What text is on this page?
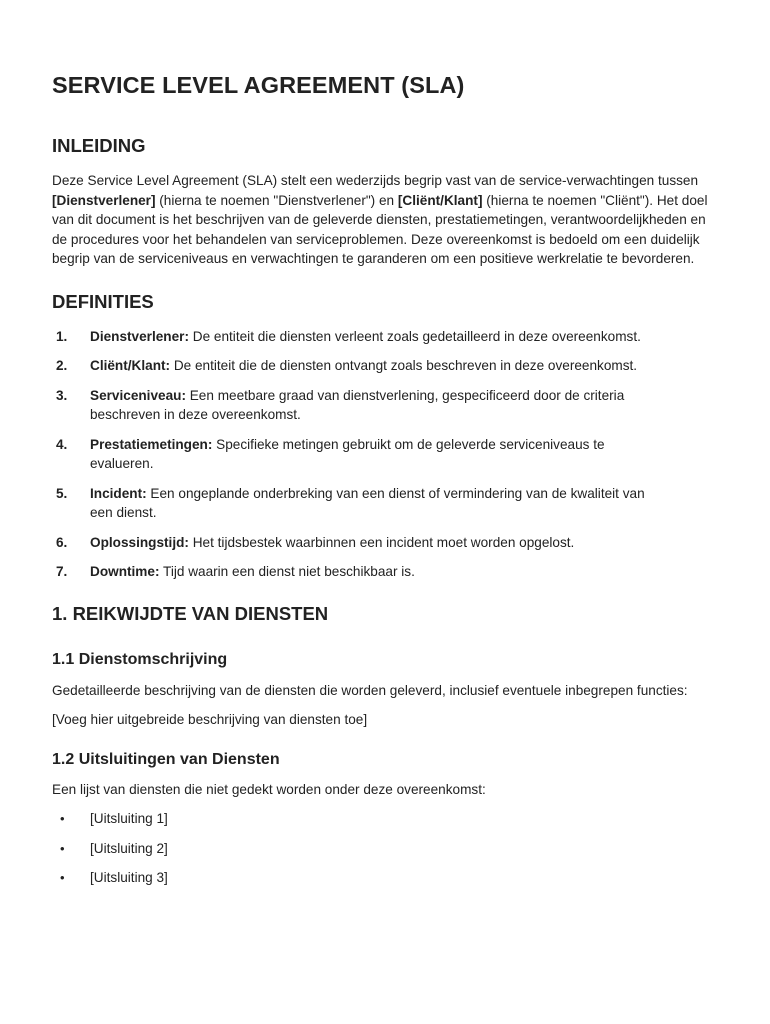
SERVICE LEVEL AGREEMENT (SLA)
INLEIDING

Deze Service Level Agreement (SLA) stelt een wederzijds begrip vast van de service-verwachtingen tussen [Dienstverlener] (hierna te noemen "Dienstverlener") en [Cliënt/Klant] (hierna te noemen "Cliënt"). Het doel van dit document is het beschrijven van de geleverde diensten, prestatiemetingen, verantwoordelijkheden en de procedures voor het behandelen van serviceproblemen. Deze overeenkomst is bedoeld om een duidelijk begrip van de serviceniveaus en verwachtingen te garanderen om een positieve werkrelatie te bevorderen.

DEFINITIES
1.	Dienstverlener: De entiteit die diensten verleent zoals gedetailleerd in deze overeenkomst.
2.	Cliënt/Klant: De entiteit die de diensten ontvangt zoals beschreven in deze overeenkomst.
3.	Serviceniveau: Een meetbare graad van dienstverlening, gespecificeerd door de criteria beschreven in deze overeenkomst.
4.	Prestatiemetingen: Specifieke metingen gebruikt om de geleverde serviceniveaus te evalueren.
5.	Incident: Een ongeplande onderbreking van een dienst of vermindering van de kwaliteit van een dienst.
6.	Oplossingstijd: Het tijdsbestek waarbinnen een incident moet worden opgelost.
7.	Downtime: Tijd waarin een dienst niet beschikbaar is.
1. REIKWIJDTE VAN DIENSTEN
1.1 Dienstomschrijving

Gedetailleerde beschrijving van de diensten die worden geleverd, inclusief eventuele inbegrepen functies:

[Voeg hier uitgebreide beschrijving van diensten toe]

1.2 Uitsluitingen van Diensten

Een lijst van diensten die niet gedekt worden onder deze overeenkomst:

•	[Uitsluiting 1]
•	[Uitsluiting 2]
•	[Uitsluiting 3]
